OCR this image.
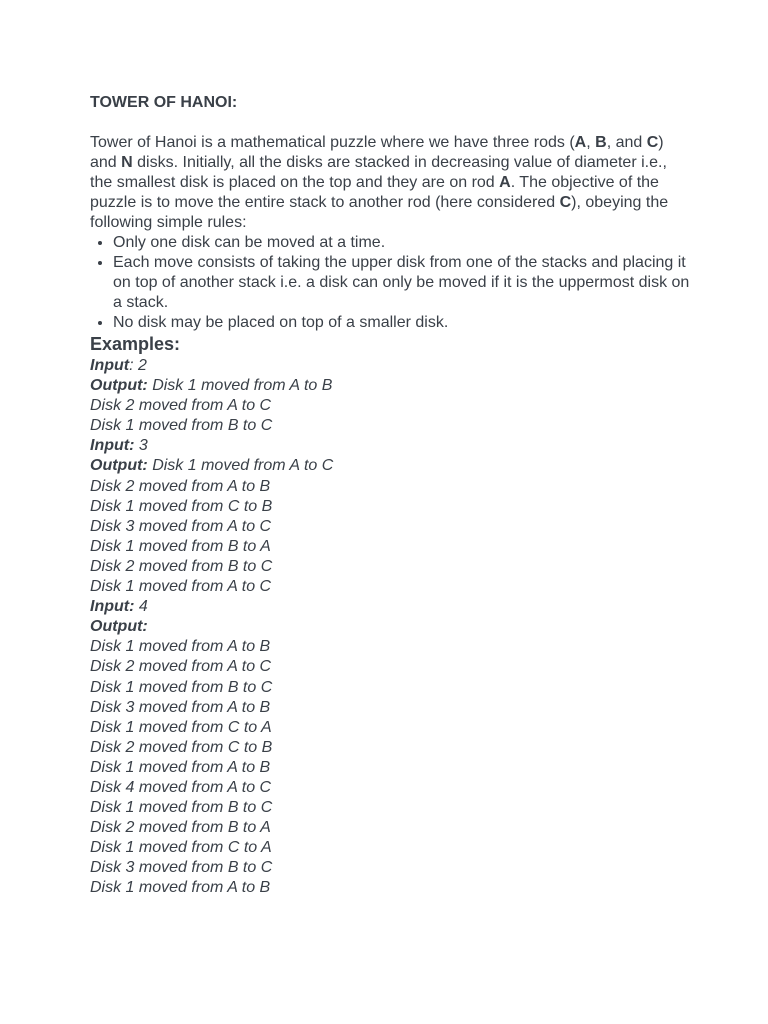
TOWER OF HANOI:

Tower of Hanoi is a mathematical puzzle where we have three rods (A, B, and C) and N disks. Initially, all the disks are stacked in decreasing value of diameter i.e., the smallest disk is placed on the top and they are on rod A. The objective of the puzzle is to move the entire stack to another rod (here considered C), obeying the following simple rules:

• Only one disk can be moved at a time.
• Each move consists of taking the upper disk from one of the stacks and placing it on top of another stack i.e. a disk can only be moved if it is the uppermost disk on a stack.
• No disk may be placed on top of a smaller disk.
Examples:
Input: 2
Output: Disk 1 moved from A to B
Disk 2 moved from A to C
Disk 1 moved from B to C
Input: 3
Output: Disk 1 moved from A to C
Disk 2 moved from A to B
Disk 1 moved from C to B
Disk 3 moved from A to C
Disk 1 moved from B to A
Disk 2 moved from B to C
Disk 1 moved from A to C
Input: 4
Output:
Disk 1 moved from A to B
Disk 2 moved from A to C
Disk 1 moved from B to C
Disk 3 moved from A to B
Disk 1 moved from C to A
Disk 2 moved from C to B
Disk 1 moved from A to B
Disk 4 moved from A to C
Disk 1 moved from B to C
Disk 2 moved from B to A
Disk 1 moved from C to A
Disk 3 moved from B to C
Disk 1 moved from A to B
